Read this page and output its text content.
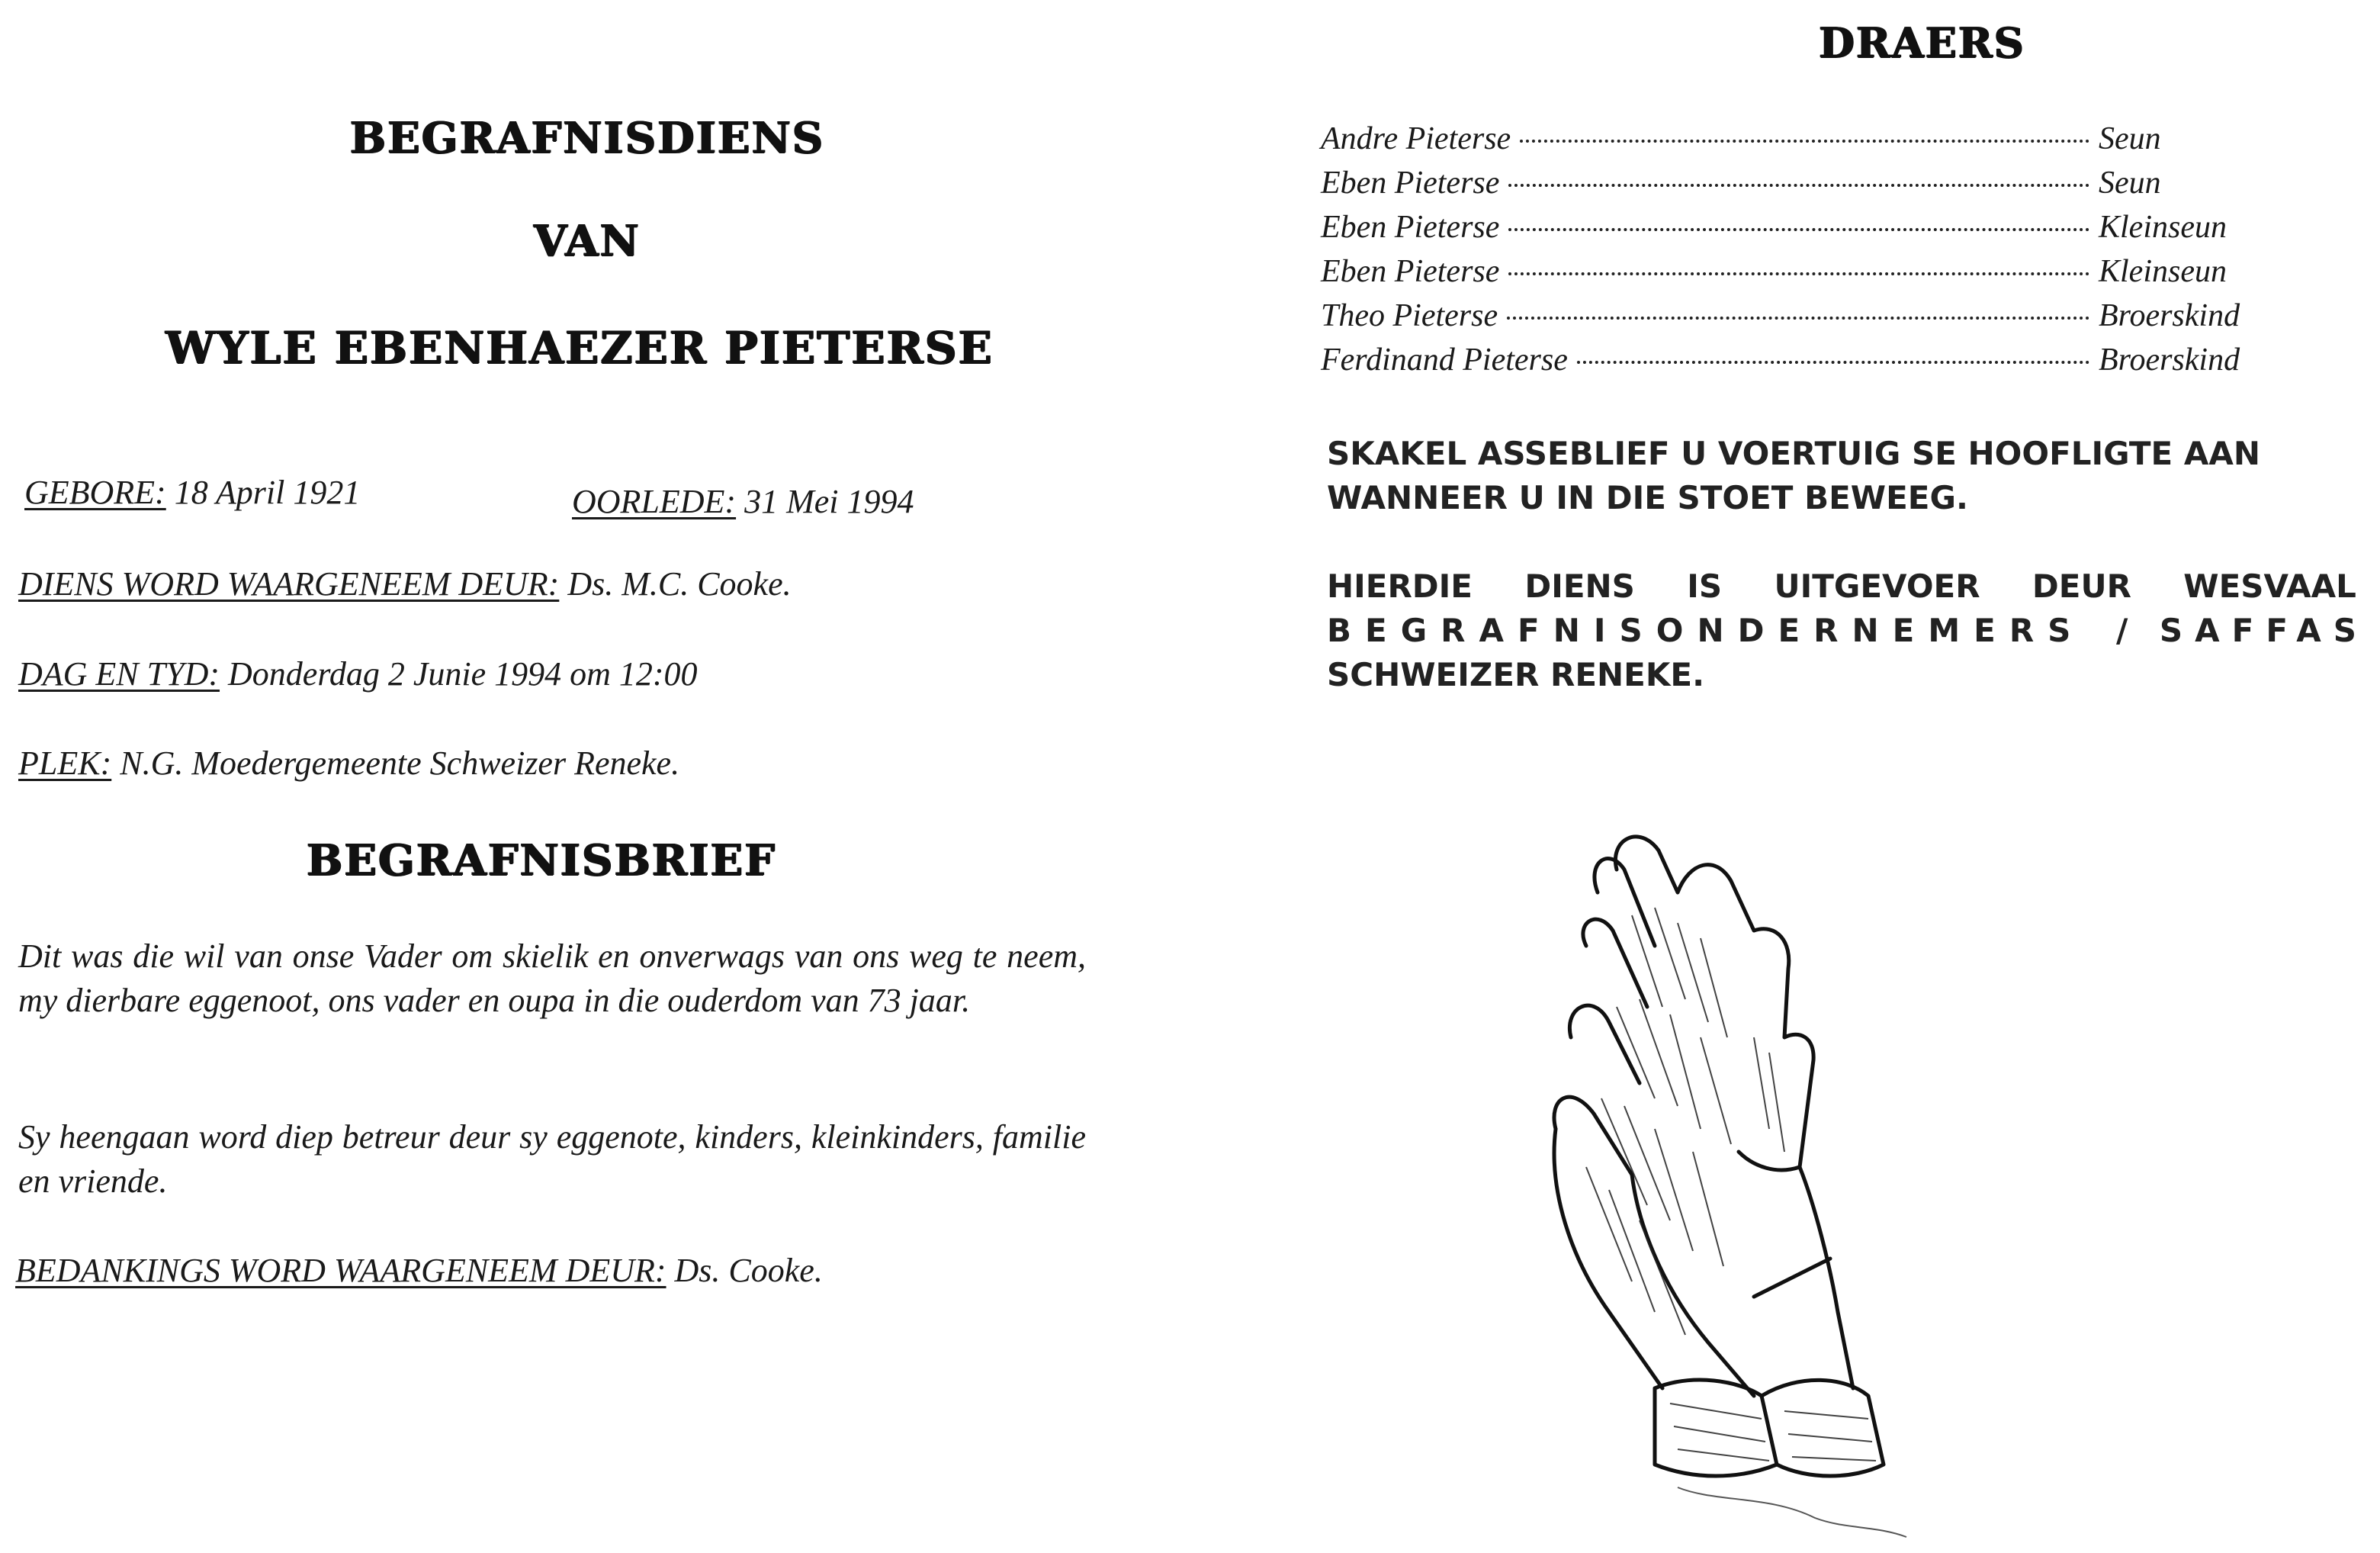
BEGRAFNISDIENS
VAN
WYLE EBENHAEZER PIETERSE
GEBORE: 18 April 1921	OORLEDE: 31 Mei 1994
DIENS WORD WAARGENEEM DEUR: Ds. M.C. Cooke.
DAG EN TYD: Donderdag 2 Junie 1994 om 12:00
PLEK: N.G. Moedergemeente Schweizer Reneke.
BEGRAFNISBRIEF
Dit was die wil van onse Vader om skielik en onverwags van ons weg te neem, my dierbare eggenoot, ons vader en oupa in die ouderdom van 73 jaar.
Sy heengaan word diep betreur deur sy eggenote, kinders, kleinkinders, familie en vriende.
BEDANKINGS WORD WAARGENEEM DEUR: Ds. Cooke.
DRAERS
Andre Pieterse	Seun
Eben Pieterse	Seun
Eben Pieterse	Kleinseun
Eben Pieterse	Kleinseun
Theo Pieterse	Broerskind
Ferdinand Pieterse	Broerskind
SKAKEL ASSEBLIEF U VOERTUIG SE HOOFLIGTE AAN
WANNEER U IN DIE STOET BEWEEG.
HIERDIE DIENS IS UITGEVOER DEUR WESVAAL
BEGRAFNISONDERNEMERS / SAFFAS
SCHWEIZER RENEKE.
